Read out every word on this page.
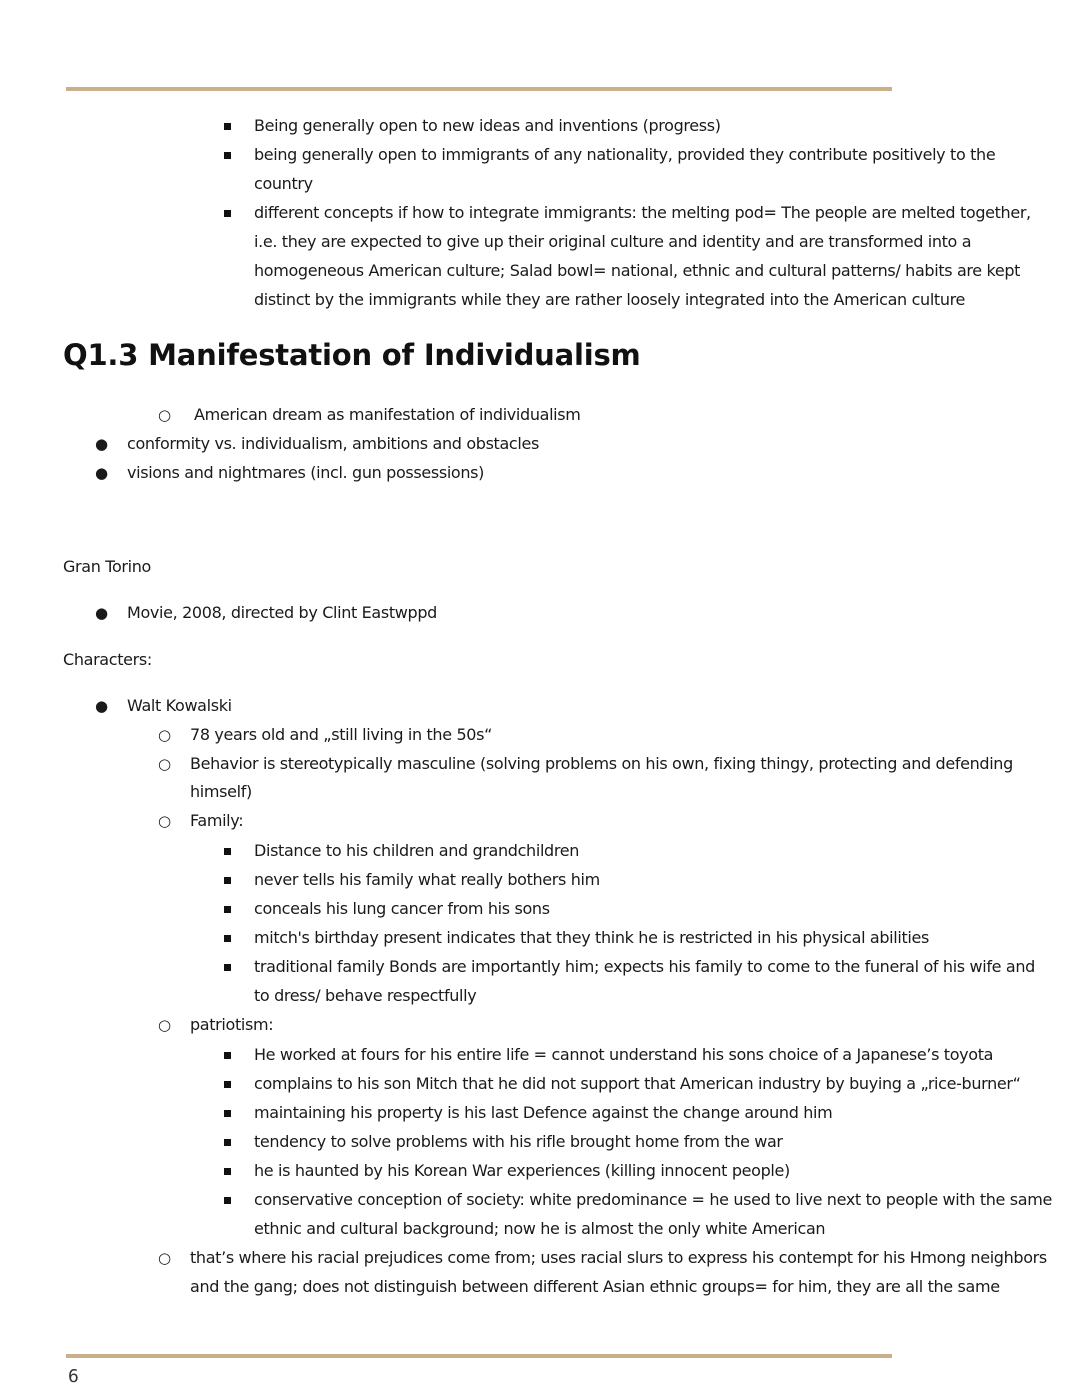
Being generally open to new ideas and inventions (progress)
being generally open to immigrants of any nationality, provided they contribute positively to the
country
different concepts if how to integrate immigrants: the melting pod= The people are melted together,
i.e. they are expected to give up their original culture and identity and are transformed into a
homogeneous American culture; Salad bowl= national, ethnic and cultural patterns/ habits are kept
distinct by the immigrants while they are rather loosely integrated into the American culture
Q1.3 Manifestation of Individualism
○ American dream as manifestation of individualism
● conformity vs. individualism, ambitions and obstacles
● visions and nightmares (incl. gun possessions)
Gran Torino
● Movie, 2008, directed by Clint Eastwppd
Characters:
● Walt Kowalski
○ 78 years old and „still living in the 50s“
○ Behavior is stereotypically masculine (solving problems on his own, fixing thingy, protecting and defending
himself)
○ Family:
Distance to his children and grandchildren
never tells his family what really bothers him
conceals his lung cancer from his sons
mitch's birthday present indicates that they think he is restricted in his physical abilities
traditional family Bonds are importantly him; expects his family to come to the funeral of his wife and
to dress/ behave respectfully
○ patriotism:
He worked at fours for his entire life = cannot understand his sons choice of a Japanese’s toyota
complains to his son Mitch that he did not support that American industry by buying a „rice-burner“
maintaining his property is his last Defence against the change around him
tendency to solve problems with his rifle brought home from the war
he is haunted by his Korean War experiences (killing innocent people)
conservative conception of society: white predominance = he used to live next to people with the same
ethnic and cultural background; now he is almost the only white American
○ that’s where his racial prejudices come from; uses racial slurs to express his contempt for his Hmong neighbors
and the gang; does not distinguish between different Asian ethnic groups= for him, they are all the same
6
